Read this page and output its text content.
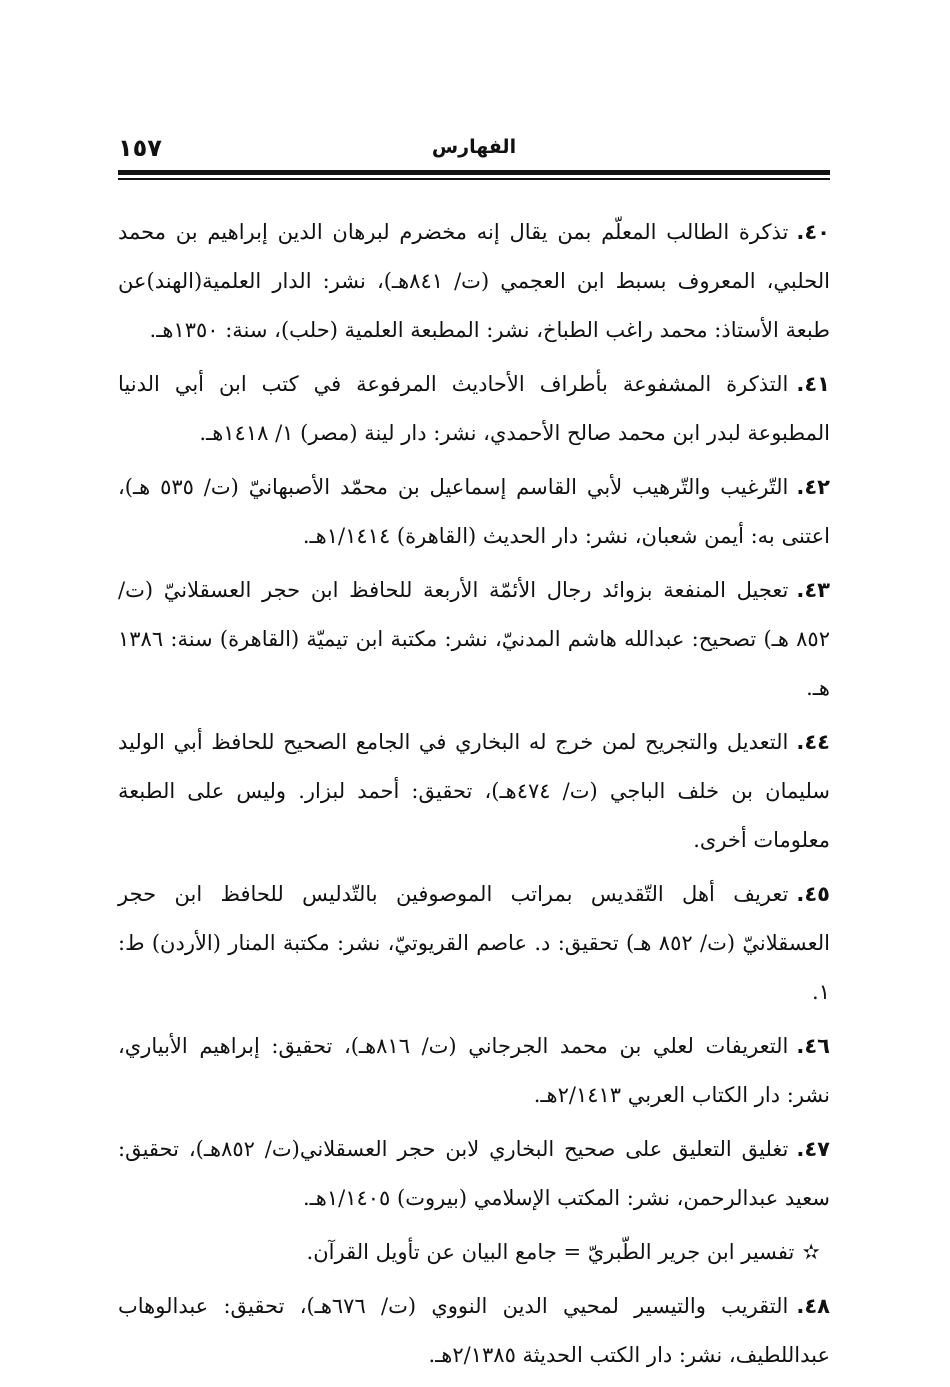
١٥٧	الفهارس

٤٠.تذكرة الطالب المعلّم بمن يقال إنه مخضرم لبرهان الدين إبراهيم بن محمد الحلبي، المعروف بسبط ابن العجمي (ت/ ٨٤١هـ)، نشر: الدار العلمية(الهند)عن طبعة الأستاذ: محمد راغب الطباخ، نشر: المطبعة العلمية (حلب)، سنة: ١٣٥٠هـ.

٤١.التذكرة المشفوعة بأطراف الأحاديث المرفوعة في كتب ابن أبي الدنيا المطبوعة لبدر ابن محمد صالح الأحمدي، نشر: دار لينة (مصر) ١/ ١٤١٨هـ.

٤٢.التّرغيب والتّرهيب لأبي القاسم إسماعيل بن محمّد الأصبهانيّ (ت/ ٥٣٥ هـ)، اعتنى به: أيمن شعبان، نشر: دار الحديث (القاهرة) ١/١٤١٤هـ.

٤٣.تعجيل المنفعة بزوائد رجال الأئمّة الأربعة للحافظ ابن حجر العسقلانيّ (ت/ ٨٥٢ هـ) تصحيح: عبدالله هاشم المدنيّ، نشر: مكتبة ابن تيميّة (القاهرة) سنة: ١٣٨٦ هـ.

٤٤.التعديل والتجريح لمن خرج له البخاري في الجامع الصحيح للحافظ أبي الوليد سليمان بن خلف الباجي (ت/ ٤٧٤هـ)، تحقيق: أحمد لبزار. وليس على الطبعة معلومات أخرى.

٤٥.تعريف أهل التّقديس بمراتب الموصوفين بالتّدليس للحافظ ابن حجر العسقلانيّ (ت/ ٨٥٢ هـ) تحقيق: د. عاصم القريوتيّ، نشر: مكتبة المنار (الأردن) ط: ١.

٤٦.التعريفات لعلي بن محمد الجرجاني (ت/ ٨١٦هـ)، تحقيق: إبراهيم الأبياري، نشر: دار الكتاب العربي ٢/١٤١٣هـ.

٤٧.تغليق التعليق على صحيح البخاري لابن حجر العسقلاني(ت/ ٨٥٢هـ)، تحقيق: سعيد عبدالرحمن، نشر: المكتب الإسلامي (بيروت) ١/١٤٠٥هـ.

✫تفسير ابن جرير الطّبريّ = جامع البيان عن تأويل القرآن.

٤٨.التقريب والتيسير لمحيي الدين النووي (ت/ ٦٧٦هـ)، تحقيق: عبدالوهاب عبداللطيف، نشر: دار الكتب الحديثة ٢/١٣٨٥هـ.
